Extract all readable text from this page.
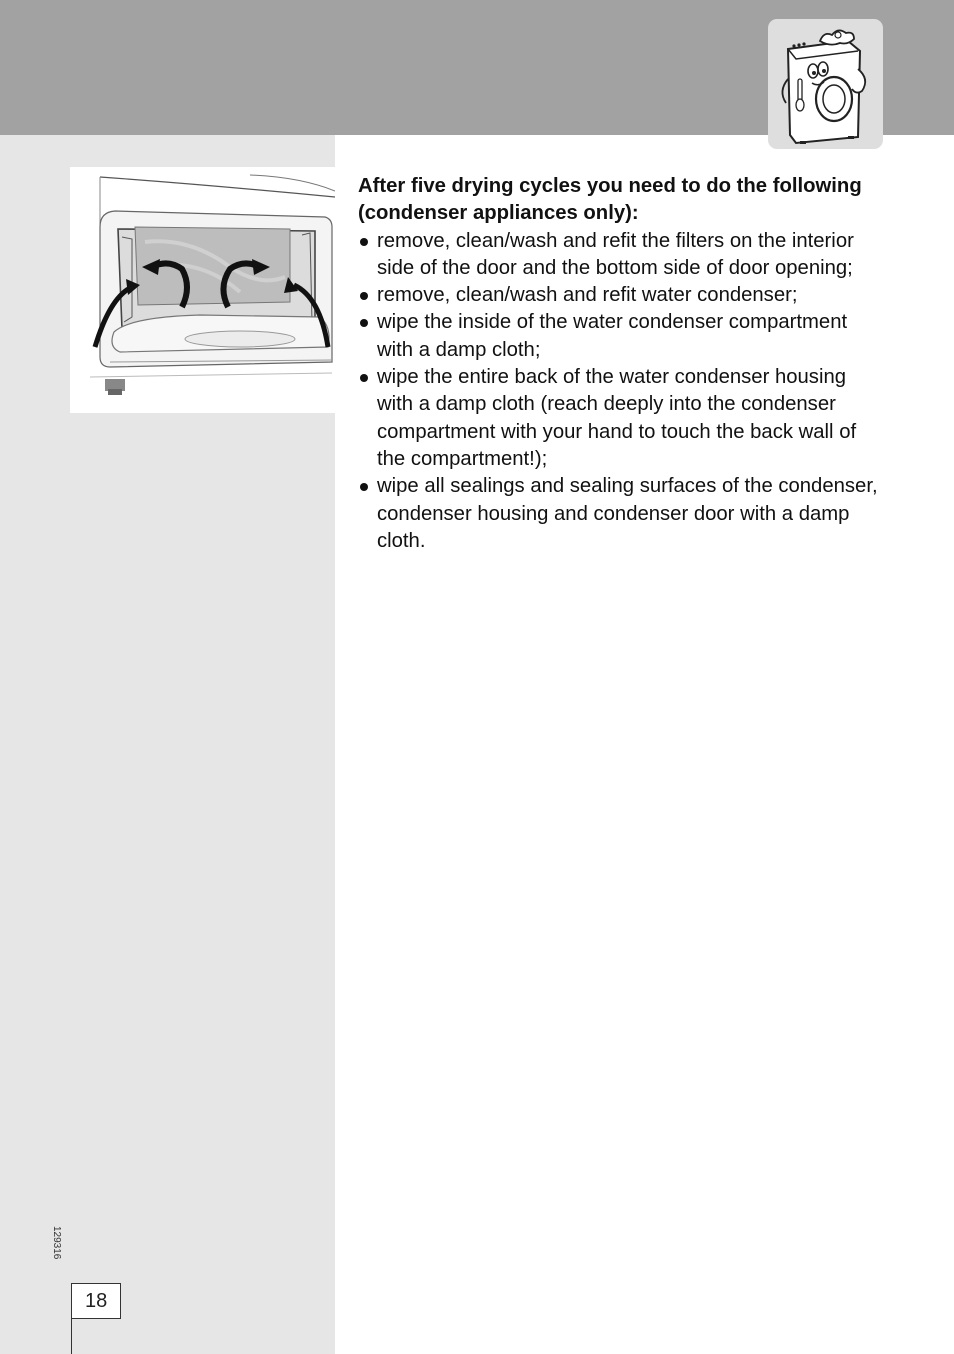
After five drying cycles you need to do the following (condenser appliances only):

remove, clean/wash and refit the filters on the interior side of the door and the bottom side of door opening;
remove, clean/wash and refit water condenser;
wipe the inside of the water condenser compartment with a damp cloth;
wipe the entire back of the water condenser housing with a damp cloth (reach deeply into the condenser compartment with your hand to touch the back wall of the compartment!);
wipe all sealings and sealing surfaces of the condenser, condenser housing and condenser door with a damp cloth.
129316
18
